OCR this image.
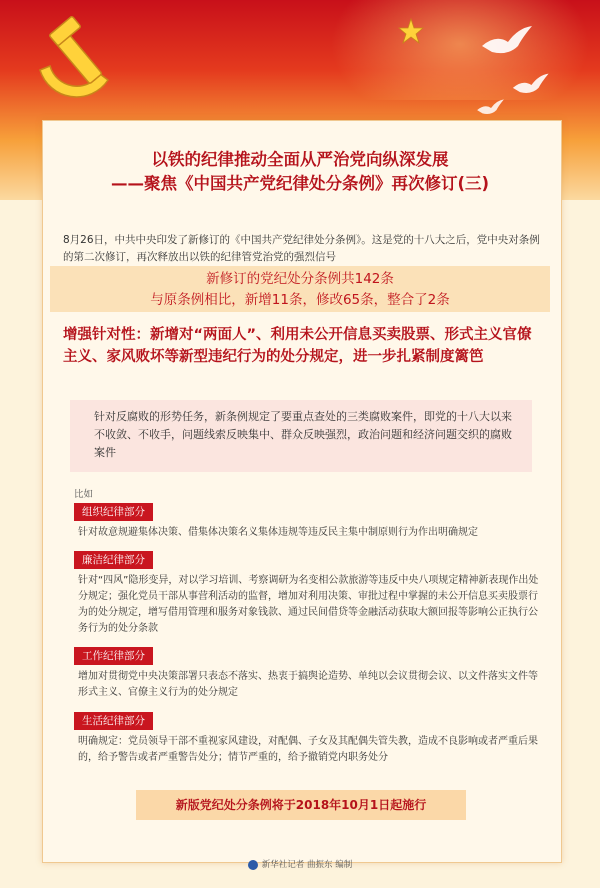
以铁的纪律推动全面从严治党向纵深发展
——聚焦《中国共产党纪律处分条例》再次修订(三)
8月26日，中共中央印发了新修订的《中国共产党纪律处分条例》。这是党的十八大之后，党中央对条例的第二次修订，再次释放出以铁的纪律管党治党的强烈信号
新修订的党纪处分条例共142条
与原条例相比，新增11条，修改65条，整合了2条
增强针对性：新增对“两面人”、利用未公开信息买卖股票、形式主义官僚主义、家风败坏等新型违纪行为的处分规定，进一步扎紧制度篱笆
针对反腐败的形势任务，新条例规定了要重点查处的三类腐败案件，即党的十八大以来不收敛、不收手，问题线索反映集中、群众反映强烈，政治问题和经济问题交织的腐败案件
比如
组织纪律部分
针对故意规避集体决策、借集体决策名义集体违规等违反民主集中制原则行为作出明确规定
廉洁纪律部分
针对“四风”隐形变异，对以学习培训、考察调研为名变相公款旅游等违反中央八项规定精神新表现作出处分规定；强化党员干部从事营利活动的监督，增加对利用决策、审批过程中掌握的未公开信息买卖股票行为的处分规定，增写借用管理和服务对象钱款、通过民间借贷等金融活动获取大额回报等影响公正执行公务行为的处分条款
工作纪律部分
增加对贯彻党中央决策部署只表态不落实、热衷于搞舆论造势、单纯以会议贯彻会议、以文件落实文件等形式主义、官僚主义行为的处分规定
生活纪律部分
明确规定：党员领导干部不重视家风建设，对配偶、子女及其配偶失管失教，造成不良影响或者严重后果的，给予警告或者严重警告处分；情节严重的，给予撤销党内职务处分
新版党纪处分条例将于2018年10月1日起施行
新华社记者 曲振东 编制
